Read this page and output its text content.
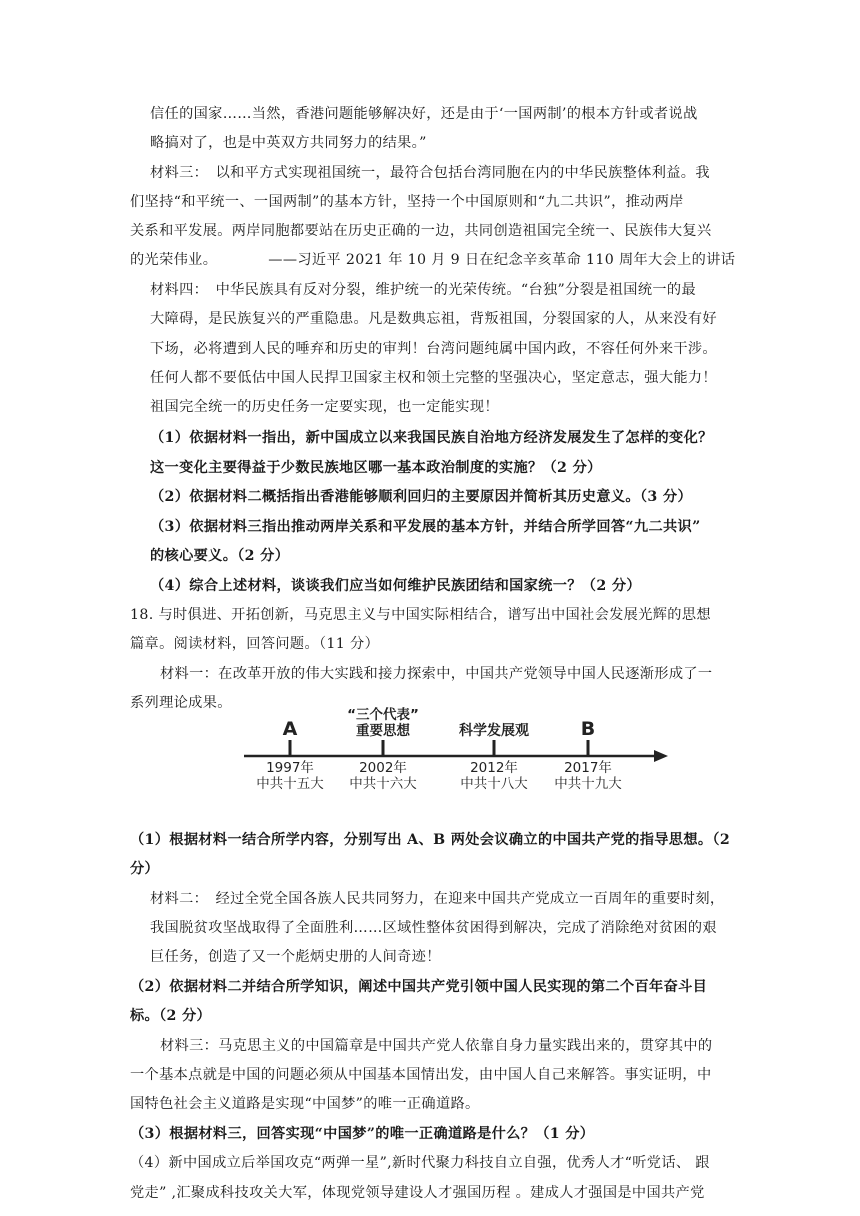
信任的国家……当然，香港问题能够解决好，还是由于‘一国两制’的根本方针或者说战
略搞对了，也是中英双方共同努力的结果。”
材料三：　以和平方式实现祖国统一，最符合包括台湾同胞在内的中华民族整体利益。我
们坚持“和平统一、一国两制”的基本方针，坚持一个中国原则和“九二共识”，推动两岸
关系和平发展。两岸同胞都要站在历史正确的一边，共同创造祖国完全统一、民族伟大复兴
的光荣伟业。　　　　——习近平 2021 年 10 月 9 日在纪念辛亥革命 110 周年大会上的讲话
材料四：　中华民族具有反对分裂，维护统一的光荣传统。“台独”分裂是祖国统一的最
大障碍，是民族复兴的严重隐患。凡是数典忘祖，背叛祖国，分裂国家的人，从来没有好
下场，必将遭到人民的唾弃和历史的审判！台湾问题纯属中国内政，不容任何外来干涉。
任何人都不要低估中国人民捍卫国家主权和领土完整的坚强决心，坚定意志，强大能力！
祖国完全统一的历史任务一定要实现，也一定能实现！
（1）依据材料一指出，新中国成立以来我国民族自治地方经济发展发生了怎样的变化？
这一变化主要得益于少数民族地区哪一基本政治制度的实施？（2 分）
（2）依据材料二概括指出香港能够顺利回归的主要原因并简析其历史意义。（3 分）
（3）依据材料三指出推动两岸关系和平发展的基本方针，并结合所学回答“九二共识”
的核心要义。（2 分）
（4）综合上述材料，谈谈我们应当如何维护民族团结和国家统一？（2 分）
18. 与时俱进、开拓创新，马克思主义与中国实际相结合，谱写出中国社会发展光辉的思想
篇章。阅读材料，回答问题。（11 分）
材料一：在改革开放的伟大实践和接力探索中，中国共产党领导中国人民逐渐形成了一
系列理论成果。
A
1997年
中共十五大
“三个代表”
重要思想
2002年
中共十六大
科学发展观
2012年
中共十八大
B
2017年
中共十九大
（1）根据材料一结合所学内容，分别写出 A、B 两处会议确立的中国共产党的指导思想。（2
分）
材料二：　经过全党全国各族人民共同努力，在迎来中国共产党成立一百周年的重要时刻，
我国脱贫攻坚战取得了全面胜利……区域性整体贫困得到解决，完成了消除绝对贫困的艰
巨任务，创造了又一个彪炳史册的人间奇迹！
（2）依据材料二并结合所学知识，阐述中国共产党引领中国人民实现的第二个百年奋斗目
标。（2 分）
材料三：马克思主义的中国篇章是中国共产党人依靠自身力量实践出来的，贯穿其中的
一个基本点就是中国的问题必须从中国基本国情出发，由中国人自己来解答。事实证明，中
国特色社会主义道路是实现“中国梦”的唯一正确道路。
（3）根据材料三，回答实现“中国梦”的唯一正确道路是什么？（1 分）
（4）新中国成立后举国攻克“两弹一星”,新时代聚力科技自立自强，优秀人才“听党话、 跟
党走” ,汇聚成科技攻关大军，体现党领导建设人才强国历程 。建成人才强国是中国共产党
